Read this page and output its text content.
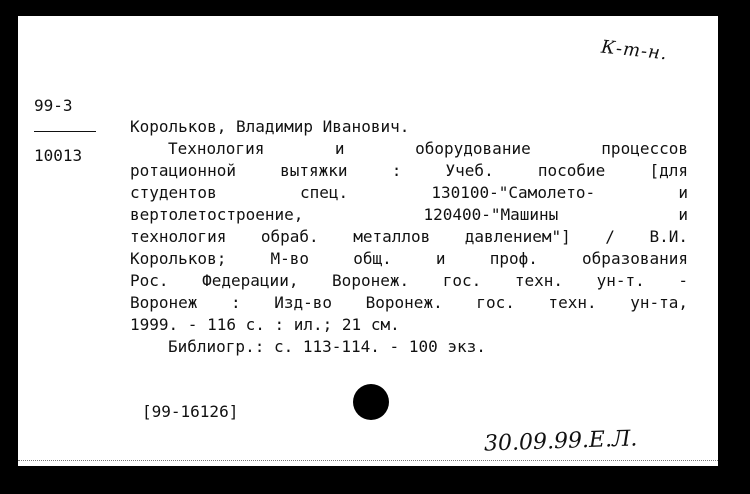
К-т-н.
99-3
10013
Корольков, Владимир Иванович.
Технология и оборудование процессов
ротационной вытяжки : Учеб. пособие [для
студентов спец. 130100-"Самолето- и
вертолетостроение, 120400-"Машины и
технология обраб. металлов давлением"] / В.И.
Корольков; М-во общ. и проф. образования
Рос. Федерации, Воронеж. гос. техн. ун-т. -
Воронеж : Изд-во Воронеж. гос. техн. ун-та,
1999. - 116 с. : ил.; 21 см.
Библиогр.: с. 113-114. - 100 экз.
[99-16126]
30.09.99.Е.Л.
